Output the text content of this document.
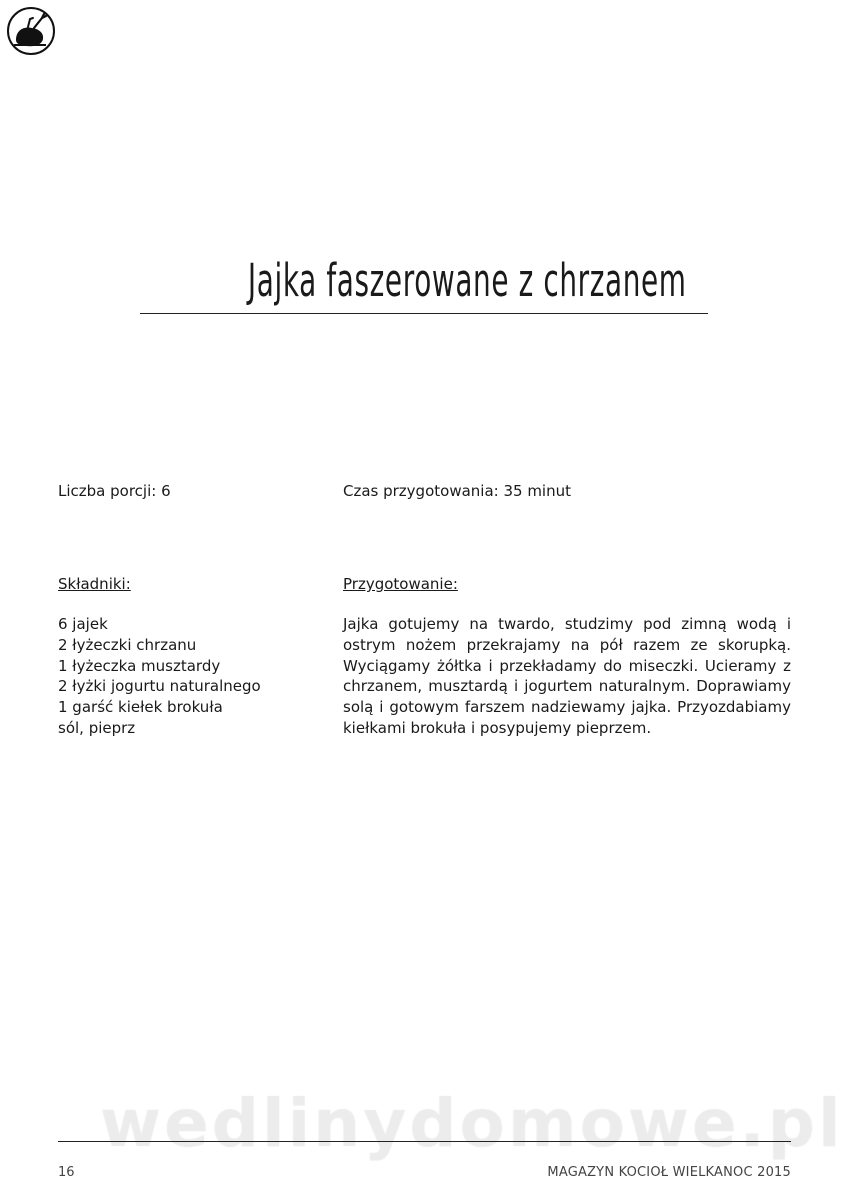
Jajka faszerowane z chrzanem
Liczba porcji: 6	Czas przygotowania: 35 minut
Składniki:	Przygotowanie:
6 jajek
2 łyżeczki chrzanu
1 łyżeczka musztardy
2 łyżki jogurtu naturalnego
1 garść kiełek brokuła
sól, pieprz

Jajka gotujemy na twardo, studzimy pod zimną wodą i ostrym nożem przekrajamy na pół razem ze skorupką. Wyciągamy żółtka i przekładamy do miseczki. Ucieramy z chrzanem, musztardą i jogurtem naturalnym. Doprawiamy solą i gotowym farszem nadziewamy jajka. Przyozdabiamy kiełkami brokuła i posypujemy pieprzem.

wedlinydomowe.pl
16	MAGAZYN KOCIOŁ WIELKANOC 2015
